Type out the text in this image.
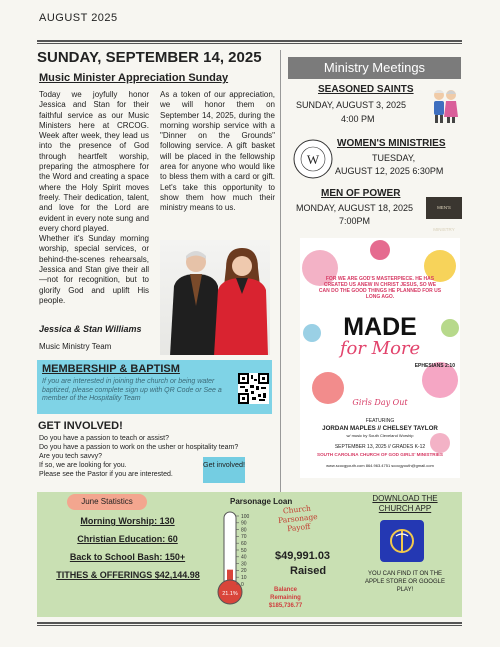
AUGUST 2025
SUNDAY, SEPTEMBER 14, 2025
Music Minister Appreciation Sunday

Today we joyfully honor Jessica and Stan for their faithful service as our Music Ministers here at CRCOG. Week after week, they lead us into the presence of God through heartfelt worship, preparing the atmosphere for the Word and creating a space where the Holy Spirit moves freely. Their dedication, talent, and love for the Lord are evident in every note sung and every chord played.

Whether it's Sunday morning worship, special services, or behind-the-scenes rehearsals, Jessica and Stan give their all—not for recognition, but to glorify God and uplift His people.

As a token of our appreciation, we will honor them on September 14, 2025, during the morning worship service with a "Dinner on the Grounds" following service. A gift basket will be placed in the fellowship area for anyone who would like to bless them with a card or gift. Let's take this opportunity to show them how much their ministry means to us.
Jessica & Stan Williams
Music Ministry Team
MEMBERSHIP & BAPTISM
If you are interested in joining the church or being water baptized, please complete sign up with QR Code or See a member of the Hospitality Team
GET INVOLVED!
Do you have a passion to teach or assist?
Do you have a passion to work on the usher or hospitality team?
Are you tech savvy?
If so, we are looking for you.
Please see the Pastor if you are interested.
Get involved!
Ministry Meetings
SEASONED SAINTS
SUNDAY, AUGUST 3, 2025
4:00 PM
W
WOMEN'S MINISTRIES
TUESDAY,
AUGUST 12, 2025 6:30PM
MEN OF POWER
MONDAY, AUGUST 18, 2025
7:00PM
MEN'S MINISTRY
FOR WE ARE GOD'S MASTERPIECE. HE HAS CREATED US ANEW IN CHRIST JESUS, SO WE CAN DO THE GOOD THINGS HE PLANNED FOR US LONG AGO.
MADE
for More
EPHESIANS 2:10
Girls Day Out
FEATURING
JORDAN MAPLES // CHELSEY TAYLOR
w/ music by South Cleveland Worship
SEPTEMBER 13, 2025 // GRADES K-12
SOUTH CAROLINA CHURCH OF GOD GIRLS' MINISTRIES
www.scocgyouth.com 864.963.4751 scocgyouth@gmail.com
June Statistics
Morning Worship: 130
Christian Education: 60
Back to School Bash: 150+
TITHES & OFFERINGS $42,144.98
Parsonage Loan
21.1%
100
90
80
70
60
50
40
30
20
10
0
Church Parsonage Payoff
$49,991.03
Raised
Balance Remaining
$185,736.77
DOWNLOAD THE CHURCH APP
YOU CAN FIND IT ON THE APPLE STORE OR GOOGLE PLAY!
